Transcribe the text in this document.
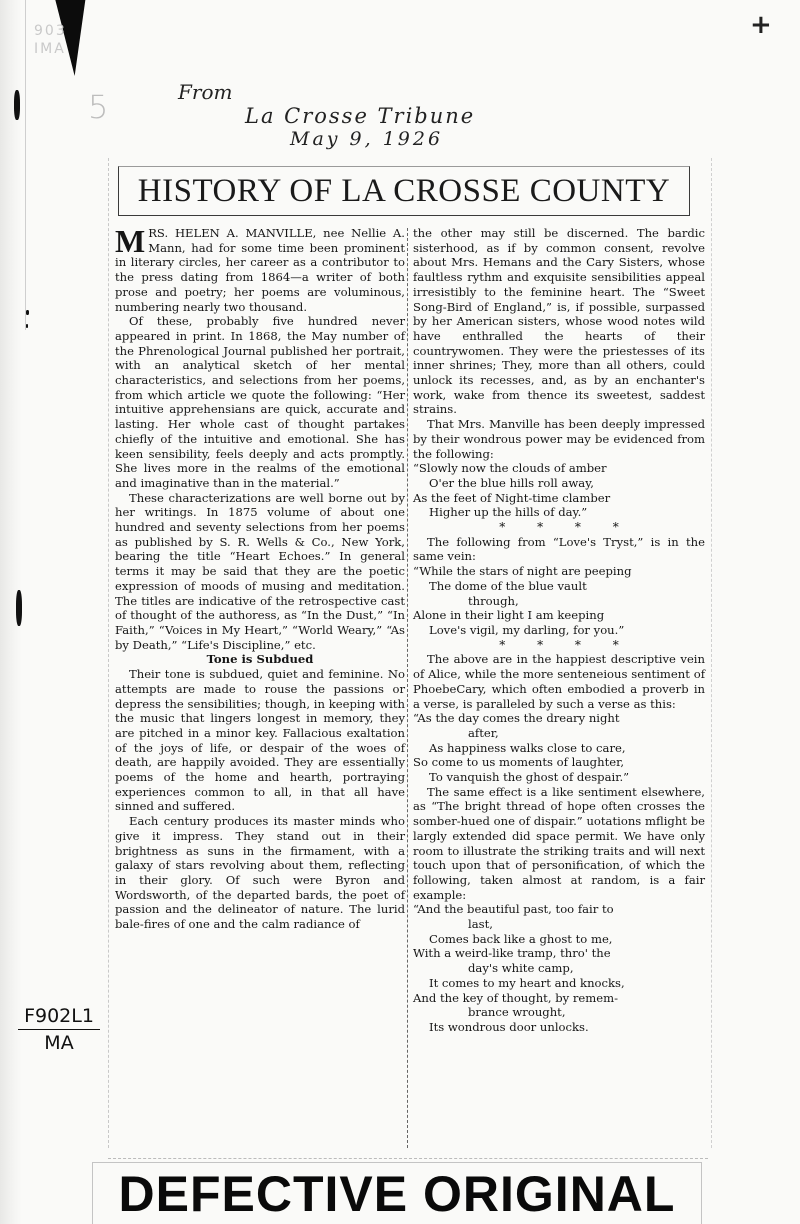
903
IMA
5
+
From
La Crosse Tribune
May 9, 1926
HISTORY OF LA CROSSE COUNTY

MRS. HELEN A. MANVILLE, nee Nellie A. Mann, had for some time been prominent in literary circles, her career as a contributor to the press dating from 1864—a writer of both prose and poetry; her poems are voluminous, numbering nearly two thousand.

Of these, probably five hundred never appeared in print. In 1868, the May number of the Phrenological Journal published her portrait, with an analytical sketch of her mental characteristics, and selections from her poems, from which article we quote the following: “Her intuitive apprehensians are quick, accurate and lasting. Her whole cast of thought partakes chiefly of the intuitive and emotional. She has keen sensibility, feels deeply and acts promptly. She lives more in the realms of the emotional and imaginative than in the material.”

These characterizations are well borne out by her writings. In 1875 volume of about one hundred and seventy selections from her poems as published by S. R. Wells & Co., New York, bearing the title “Heart Echoes.” In general terms it may be said that they are the poetic expression of moods of musing and meditation. The titles are indicative of the retrospective cast of thought of the authoress, as “In the Dust,” “In Faith,” “Voices in My Heart,” “World Weary,” “As by Death,” “Life's Discipline,” etc.

Tone is Subdued

Their tone is subdued, quiet and feminine. No attempts are made to rouse the passions or depress the sensibilities; though, in keeping with the music that lingers longest in memory, they are pitched in a minor key. Fallacious exaltation of the joys of life, or despair of the woes of death, are happily avoided. They are essentially poems of the home and hearth, portraying experiences common to all, in that all have sinned and suffered.

Each century produces its master minds who give it impress. They stand out in their brightness as suns in the firmament, with a galaxy of stars revolving about them, reflecting in their glory. Of such were Byron and Wordsworth, of the departed bards, the poet of passion and the delineator of nature. The lurid bale-fires of one and the calm radiance of

the other may still be discerned. The bardic sisterhood, as if by common consent, revolve about Mrs. Hemans and the Cary Sisters, whose faultless rythm and exquisite sensibilities appeal irresistibly to the feminine heart. The “Sweet Song-Bird of England,” is, if possible, surpassed by her American sisters, whose wood notes wild have enthralled the hearts of their countrywomen. They were the priestesses of its inner shrines; They, more than all others, could unlock its recesses, and, as by an enchanter's work, wake from thence its sweetest, saddest strains.

That Mrs. Manville has been deeply impressed by their wondrous power may be evidenced from the following:

“Slowly now the clouds of amber
O'er the blue hills roll away,
As the feet of Night-time clamber
Higher up the hills of day.”

* * * *

The following from “Love's Tryst,” is in the same vein:

“While the stars of night are peeping
The dome of the blue vault
through,
Alone in their light I am keeping
Love's vigil, my darling, for you.”

* * * *

The above are in the happiest descriptive vein of Alice, while the more senteneious sentiment of PhoebeCary, which often embodied a proverb in a verse, is paralleled by such a verse as this:

“As the day comes the dreary night
after,
As happiness walks close to care,
So come to us moments of laughter,
To vanquish the ghost of despair.”

The same effect is a like sentiment elsewhere, as “The bright thread of hope often crosses the somber-hued one of dispair.” uotations mflight be largly extended did space permit. We have only room to illustrate the striking traits and will next touch upon that of personification, of which the following, taken almost at random, is a fair example:

“And the beautiful past, too fair to
last,
Comes back like a ghost to me,
With a weird-like tramp, thro' the
day's white camp,
It comes to my heart and knocks,
And the key of thought, by remem-
brance wrought,
Its wondrous door unlocks.
F902L1
MA
DEFECTIVE ORIGINAL
